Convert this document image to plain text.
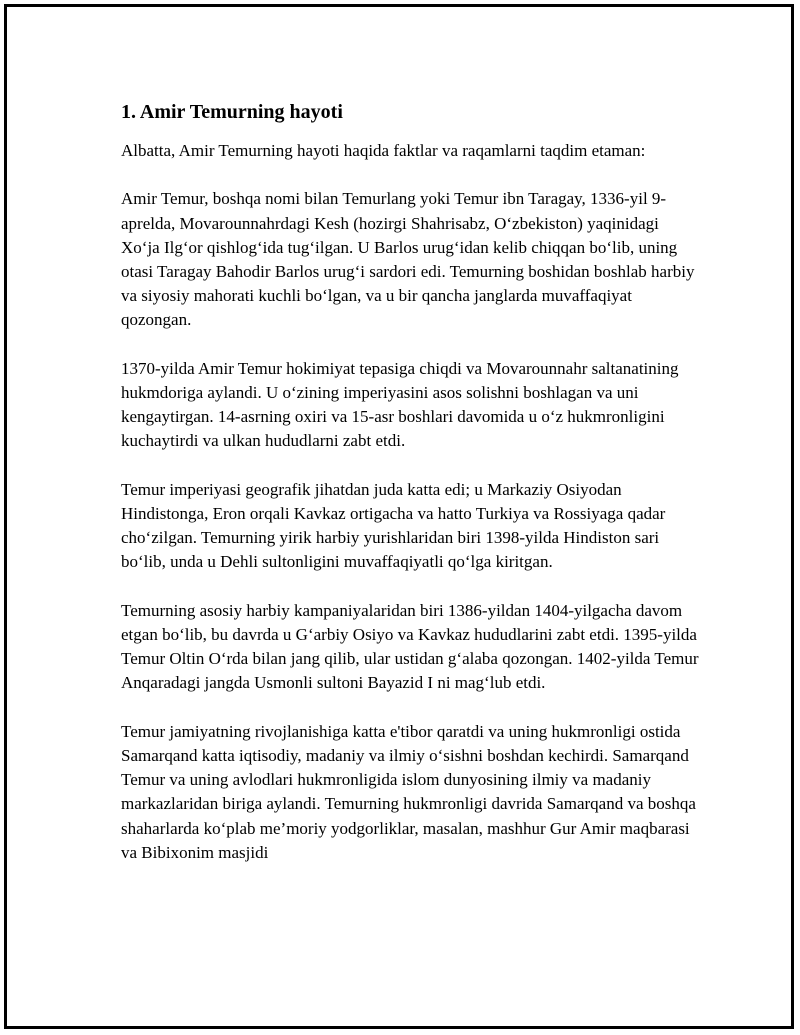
1. Amir Temurning hayoti

Albatta, Amir Temurning hayoti haqida faktlar va raqamlarni taqdim etaman:

Amir Temur, boshqa nomi bilan Temurlang yoki Temur ibn Taragay, 1336-yil 9-aprelda, Movarounnahrdagi Kesh (hozirgi Shahrisabz, O‘zbekiston) yaqinidagi Xo‘ja Ilg‘or qishlog‘ida tug‘ilgan. U Barlos urug‘idan kelib chiqqan bo‘lib, uning otasi Taragay Bahodir Barlos urug‘i sardori edi. Temurning boshidan boshlab harbiy va siyosiy mahorati kuchli bo‘lgan, va u bir qancha janglarda muvaffaqiyat qozongan.

1370-yilda Amir Temur hokimiyat tepasiga chiqdi va Movarounnahr saltanatining hukmdoriga aylandi. U o‘zining imperiyasini asos solishni boshlagan va uni kengaytirgan. 14-asrning oxiri va 15-asr boshlari davomida u o‘z hukmronligini kuchaytirdi va ulkan hududlarni zabt etdi.

Temur imperiyasi geografik jihatdan juda katta edi; u Markaziy Osiyodan Hindistonga, Eron orqali Kavkaz ortigacha va hatto Turkiya va Rossiyaga qadar cho‘zilgan. Temurning yirik harbiy yurishlaridan biri 1398-yilda Hindiston sari bo‘lib, unda u Dehli sultonligini muvaffaqiyatli qo‘lga kiritgan.

Temurning asosiy harbiy kampaniyalaridan biri 1386-yildan 1404-yilgacha davom etgan bo‘lib, bu davrda u G‘arbiy Osiyo va Kavkaz hududlarini zabt etdi. 1395-yilda Temur Oltin O‘rda bilan jang qilib, ular ustidan g‘alaba qozongan. 1402-yilda Temur Anqaradagi jangda Usmonli sultoni Bayazid I ni mag‘lub etdi.

Temur jamiyatning rivojlanishiga katta e'tibor qaratdi va uning hukmronligi ostida Samarqand katta iqtisodiy, madaniy va ilmiy o‘sishni boshdan kechirdi. Samarqand Temur va uning avlodlari hukmronligida islom dunyosining ilmiy va madaniy markazlaridan biriga aylandi. Temurning hukmronligi davrida Samarqand va boshqa shaharlarda ko‘plab me’moriy yodgorliklar, masalan, mashhur Gur Amir maqbarasi va Bibixonim masjidi
